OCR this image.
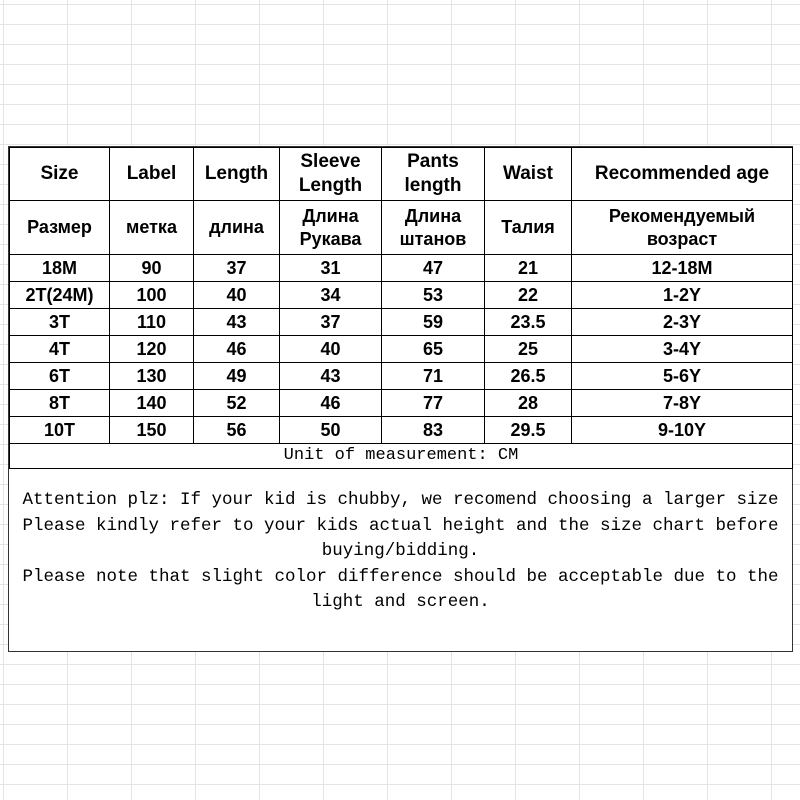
Size	Label	Length	Sleeve Length	Pants length	Waist	Recommended age
Размер	метка	длина	Длина Рукава	Длина штанов	Талия	Рекомендуемый возраст
18M	90	37	31	47	21	12-18M
2T(24M)	100	40	34	53	22	1-2Y
3T	110	43	37	59	23.5	2-3Y
4T	120	46	40	65	25	3-4Y
6T	130	49	43	71	26.5	5-6Y
8T	140	52	46	77	28	7-8Y
10T	150	56	50	83	29.5	9-10Y
Unit of measurement: CM						

Attention plz: If your kid is chubby, we recomend choosing a larger size

Please kindly refer to your kids actual height and the size chart before buying/bidding.

Please note that slight color difference should be acceptable due to the light and screen.
